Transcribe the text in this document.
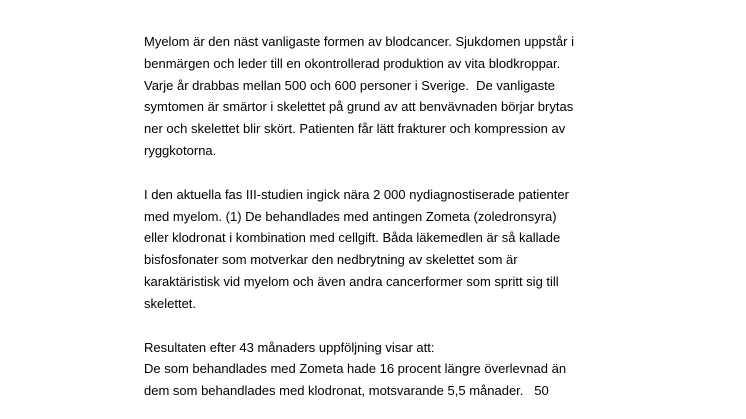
Myelom är den näst vanligaste formen av blodcancer. Sjukdomen uppstår i
benmärgen och leder till en okontrollerad produktion av vita blodkroppar.
Varje år drabbas mellan 500 och 600 personer i Sverige.  De vanligaste
symtomen är smärtor i skelettet på grund av att benvävnaden börjar brytas
ner och skelettet blir skört. Patienten får lätt frakturer och kompression av
ryggkotorna.

I den aktuella fas III-studien ingick nära 2 000 nydiagnostiserade patienter
med myelom. (1) De behandlades med antingen Zometa (zoledronsyra)
eller klodronat i kombination med cellgift. Båda läkemedlen är så kallade
bisfosfonater som motverkar den nedbrytning av skelettet som är
karaktäristisk vid myelom och även andra cancerformer som spritt sig till
skelettet.

Resultaten efter 43 månaders uppföljning visar att:
De som behandlades med Zometa hade 16 procent längre överlevnad än
dem som behandlades med klodronat, motsvarande 5,5 månader.   50
